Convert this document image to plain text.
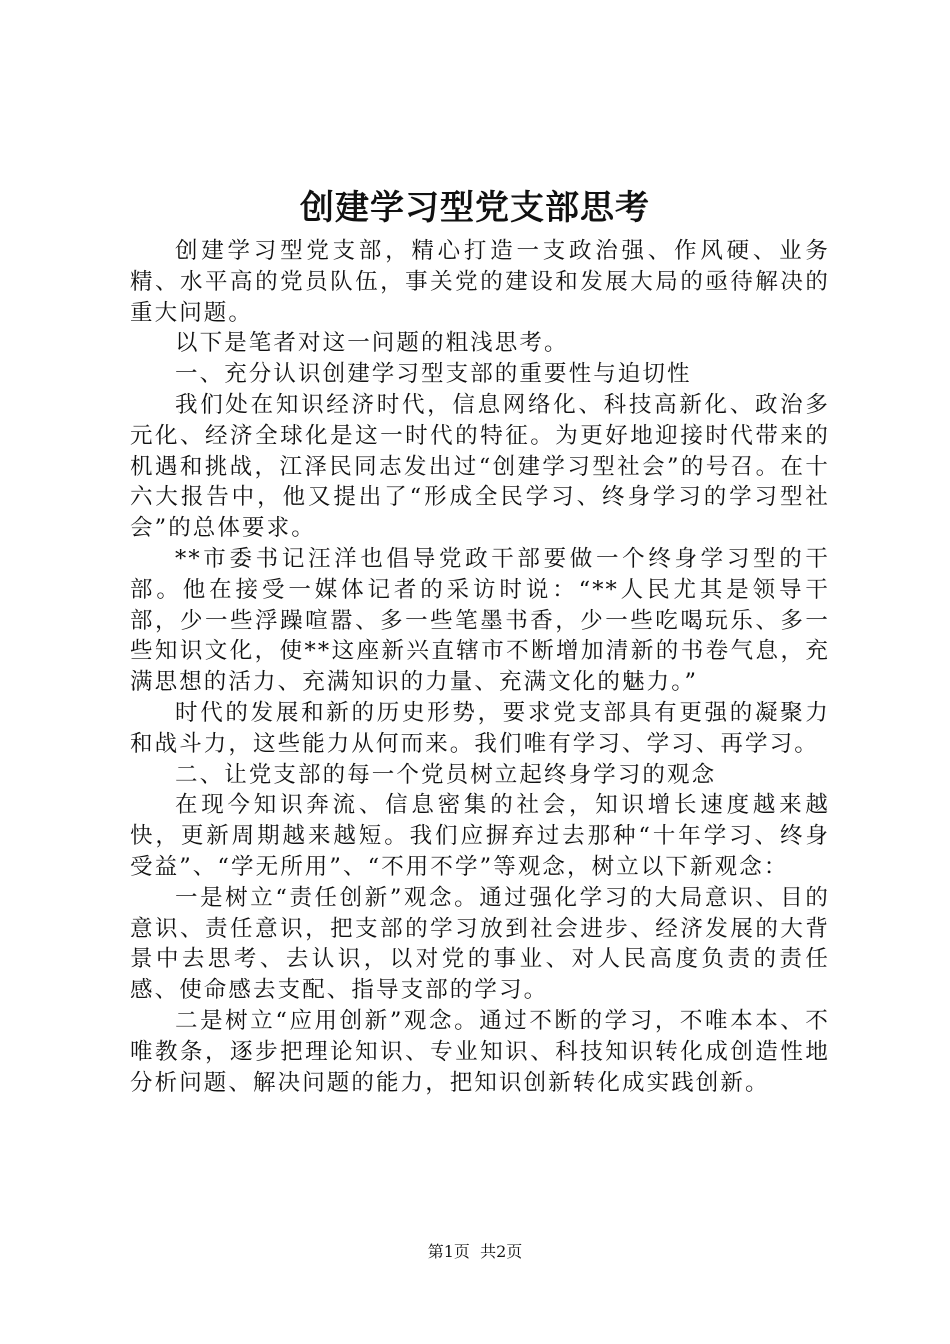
创建学习型党支部思考

创建学习型党支部，精心打造一支政治强、作风硬、业务精、水平高的党员队伍，事关党的建设和发展大局的亟待解决的重大问题。

以下是笔者对这一问题的粗浅思考。

一、充分认识创建学习型支部的重要性与迫切性

我们处在知识经济时代，信息网络化、科技高新化、政治多元化、经济全球化是这一时代的特征。为更好地迎接时代带来的机遇和挑战，江泽民同志发出过“创建学习型社会”的号召。在十六大报告中，他又提出了“形成全民学习、终身学习的学习型社会”的总体要求。

**市委书记汪洋也倡导党政干部要做一个终身学习型的干部。他在接受一媒体记者的采访时说：“**人民尤其是领导干部，少一些浮躁喧嚣、多一些笔墨书香，少一些吃喝玩乐、多一些知识文化，使**这座新兴直辖市不断增加清新的书卷气息，充满思想的活力、充满知识的力量、充满文化的魅力。”

时代的发展和新的历史形势，要求党支部具有更强的凝聚力和战斗力，这些能力从何而来。我们唯有学习、学习、再学习。

二、让党支部的每一个党员树立起终身学习的观念

在现今知识奔流、信息密集的社会，知识增长速度越来越快，更新周期越来越短。我们应摒弃过去那种“十年学习、终身受益”、“学无所用”、“不用不学”等观念，树立以下新观念：

一是树立“责任创新”观念。通过强化学习的大局意识、目的意识、责任意识，把支部的学习放到社会进步、经济发展的大背景中去思考、去认识，以对党的事业、对人民高度负责的责任感、使命感去支配、指导支部的学习。

二是树立“应用创新”观念。通过不断的学习，不唯本本、不唯教条，逐步把理论知识、专业知识、科技知识转化成创造性地分析问题、解决问题的能力，把知识创新转化成实践创新。

第1页 共2页
